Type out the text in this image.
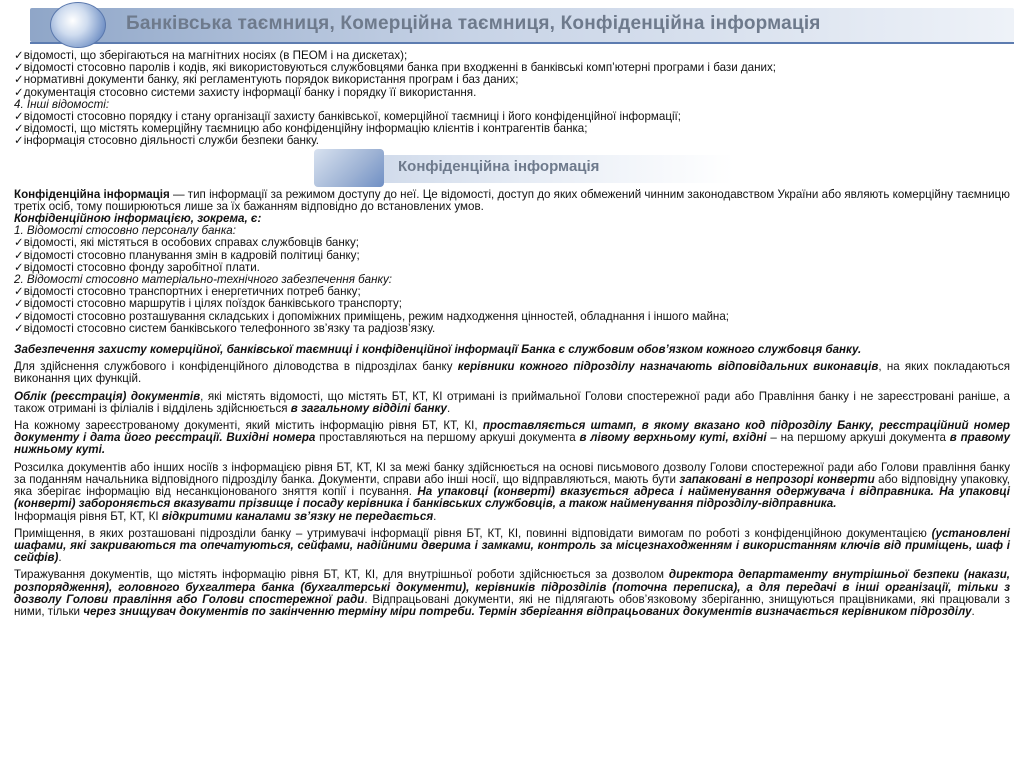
Банківська таємниця, Комерційна таємниця, Конфіденційна інформація

✓відомості, що зберігаються на магнітних носіях (в ПЕОМ і на дискетах);

✓відомості стосовно паролів і кодів, які використовуються службовцями банка при входженні в банківські комп’ютерні програми і бази даних;

✓нормативні документи банку, які регламентують порядок використання програм і баз даних;

✓документація стосовно системи захисту інформації банку і порядку її використання.

4. Інші відомості:

✓відомості стосовно порядку і стану організації захисту банківської, комерційної таємниці і його конфіденційної інформації;

✓відомості, що містять комерційну таємницю або конфіденційну інформацію клієнтів і контрагентів банка;

✓інформація стосовно діяльності служби безпеки банку.

Конфіденційна інформація

Конфіденційна інформація — тип інформації за режимом доступу до неї. Це відомості, доступ до яких обмежений чинним законодавством України або являють комерційну таємницю третіх осіб, тому поширюються лише за їх бажанням відповідно до встановлених умов.

Конфіденційною інформацією, зокрема, є:

1. Відомості стосовно персоналу банка:

✓відомості, які містяться в особових справах службовців банку;

✓відомості стосовно планування змін в кадровій політиці банку;

✓відомості стосовно фонду заробітної плати.

2. Відомості стосовно матеріально-технічного забезпечення банку:

✓відомості стосовно транспортних і енергетичних потреб банку;

✓відомості стосовно маршрутів і цілях поїздок банківського транспорту;

✓відомості стосовно розташування складських і допоміжних приміщень, режим надходження цінностей, обладнання і іншого майна;

✓відомості стосовно систем банківського телефонного зв’язку та радіозв’язку.

Забезпечення захисту комерційної, банківської таємниці і конфіденційної інформації Банка є службовим обов’язком кожного службовця банку.

Для здійснення службового і конфіденційного діловодства в підрозділах банку керівники кожного підрозділу назначають відповідальних виконавців, на яких покладаються виконання цих функцій.

Облік (реєстрація) документів, які містять відомості, що містять БТ, КТ, КІ отримані із приймальної Голови спостережної ради або Правління банку і не зареєстровані раніше, а також отримані із філіалів і відділень здійснюється в загальному відділі банку.

На кожному зареєстрованому документі, який містить інформацію рівня БТ, КТ, КІ, проставляється штамп, в якому вказано код підрозділу Банку, реєстраційний номер документу і дата його реєстрації. Вихідні номера проставляються на першому аркуші документа в лівому верхньому куті, вхідні – на першому аркуші документа в правому нижньому куті.

Розсилка документів або інших носіїв з інформацією рівня БТ, КТ, КІ за межі банку здійснюється на основі письмового дозволу Голови спостережної ради або Голови правління банку за поданням начальника відповідного підрозділу банка. Документи, справи або інші носії, що відправляються, мають бути запаковані в непрозорі конверти або відповідну упаковку, яка зберігає інформацію від несанкціонованого зняття копії і псування. На упаковці (конверті) вказується адреса і найменування одержувача і відправника. На упаковці (конверті) забороняється вказувати прізвище і посаду керівника і банківських службовців, а також найменування підрозділу-відправника.

Інформація рівня БТ, КТ, КІ відкритими каналами зв’язку не передається.

Приміщення, в яких розташовані підрозділи банку – утримувачі інформації рівня БТ, КТ, КІ, повинні відповідати вимогам по роботі з конфіденційною документацією (установлені шафами, які закриваються та опечатуються, сейфами, надійними дверима і замками, контроль за місцезнаходженням і використанням ключів від приміщень, шаф і сейфів).

Тиражування документів, що містять інформацію рівня БТ, КТ, КІ, для внутрішньої роботи здійснюється за дозволом директора департаменту внутрішньої безпеки (накази, розпорядження), головного бухгалтера банка (бухгалтерські документи), керівників підрозділів (поточна переписка), а для передачі в інші організації, тільки з дозволу Голови правління або Голови спостережної ради. Відпрацьовані документи, які не підлягають обов’язковому зберіганню, знищуються працівниками, які працювали з ними, тільки через знищувач документів по закінченню терміну міри потреби. Термін зберігання відпрацьованих документів визначається керівником підрозділу.
